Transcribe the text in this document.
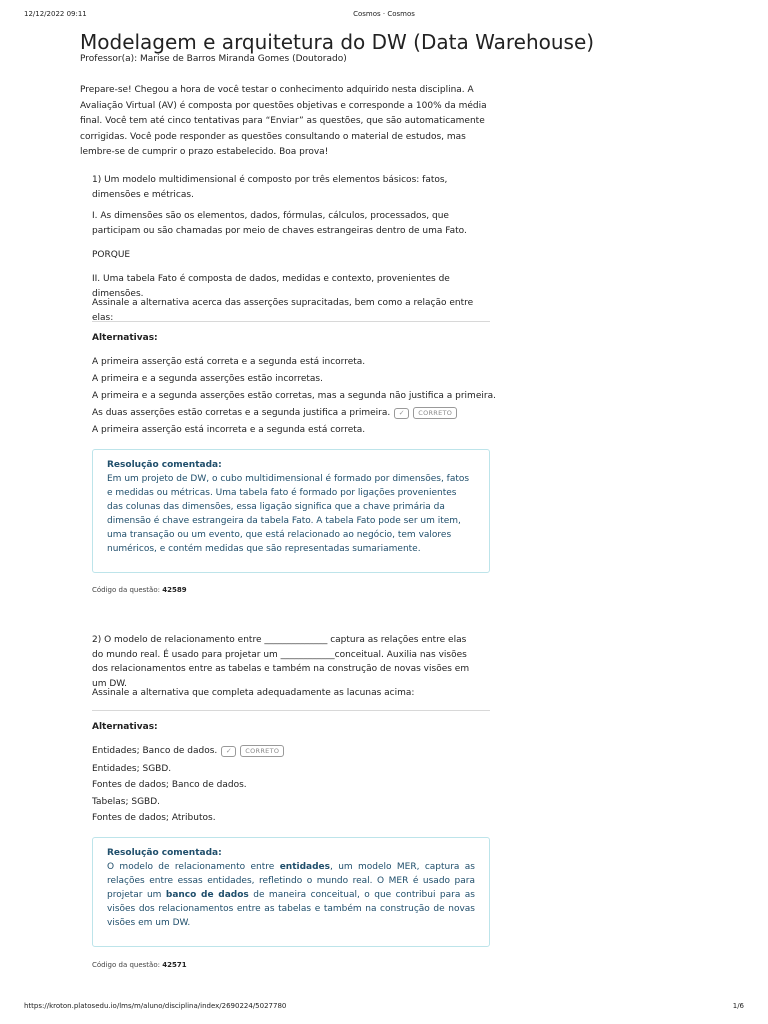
12/12/2022 09:11	Cosmos · Cosmos
Modelagem e arquitetura do DW (Data Warehouse)
Professor(a): Marise de Barros Miranda Gomes (Doutorado)

Prepare-se! Chegou a hora de você testar o conhecimento adquirido nesta disciplina. A Avaliação Virtual (AV) é composta por questões objetivas e corresponde a 100% da média final. Você tem até cinco tentativas para “Enviar” as questões, que são automaticamente corrigidas. Você pode responder as questões consultando o material de estudos, mas lembre-se de cumprir o prazo estabelecido. Boa prova!

1) Um modelo multidimensional é composto por três elementos básicos: fatos, dimensões e métricas.

I. As dimensões são os elementos, dados, fórmulas, cálculos, processados, que participam ou são chamadas por meio de chaves estrangeiras dentro de uma Fato.

PORQUE

II. Uma tabela Fato é composta de dados, medidas e contexto, provenientes de dimensões.

Assinale a alternativa acerca das asserções supracitadas, bem como a relação entre elas:

Alternativas:
A primeira asserção está correta e a segunda está incorreta.
A primeira e a segunda asserções estão incorretas.
A primeira e a segunda asserções estão corretas, mas a segunda não justifica a primeira.
As duas asserções estão corretas e a segunda justifica a primeira.	✓	CORRETO
A primeira asserção está incorreta e a segunda está correta.
Resolução comentada:

Em um projeto de DW, o cubo multidimensional é formado por dimensões, fatos e medidas ou métricas. Uma tabela fato é formado por ligações provenientes das colunas das dimensões, essa ligação significa que a chave primária da dimensão é chave estrangeira da tabela Fato. A tabela Fato pode ser um item, uma transação ou um evento, que está relacionado ao negócio, tem valores numéricos, e contém medidas que são representadas sumariamente.

Código da questão: 42589

2) O modelo de relacionamento entre ______________ captura as relações entre elas do mundo real. É usado para projetar um ____________conceitual. Auxilia nas visões dos relacionamentos entre as tabelas e também na construção de novas visões em um DW.

Assinale a alternativa que completa adequadamente as lacunas acima:

Alternativas:
Entidades; Banco de dados.	✓	CORRETO
Entidades; SGBD.
Fontes de dados; Banco de dados.
Tabelas; SGBD.
Fontes de dados; Atributos.
Resolução comentada:

O modelo de relacionamento entre entidades, um modelo MER, captura as relações entre essas entidades, refletindo o mundo real. O MER é usado para projetar um banco de dados de maneira conceitual, o que contribui para as visões dos relacionamentos entre as tabelas e também na construção de novas visões em um DW.

Código da questão: 42571
https://kroton.platosedu.io/lms/m/aluno/disciplina/index/2690224/5027780	1/6
